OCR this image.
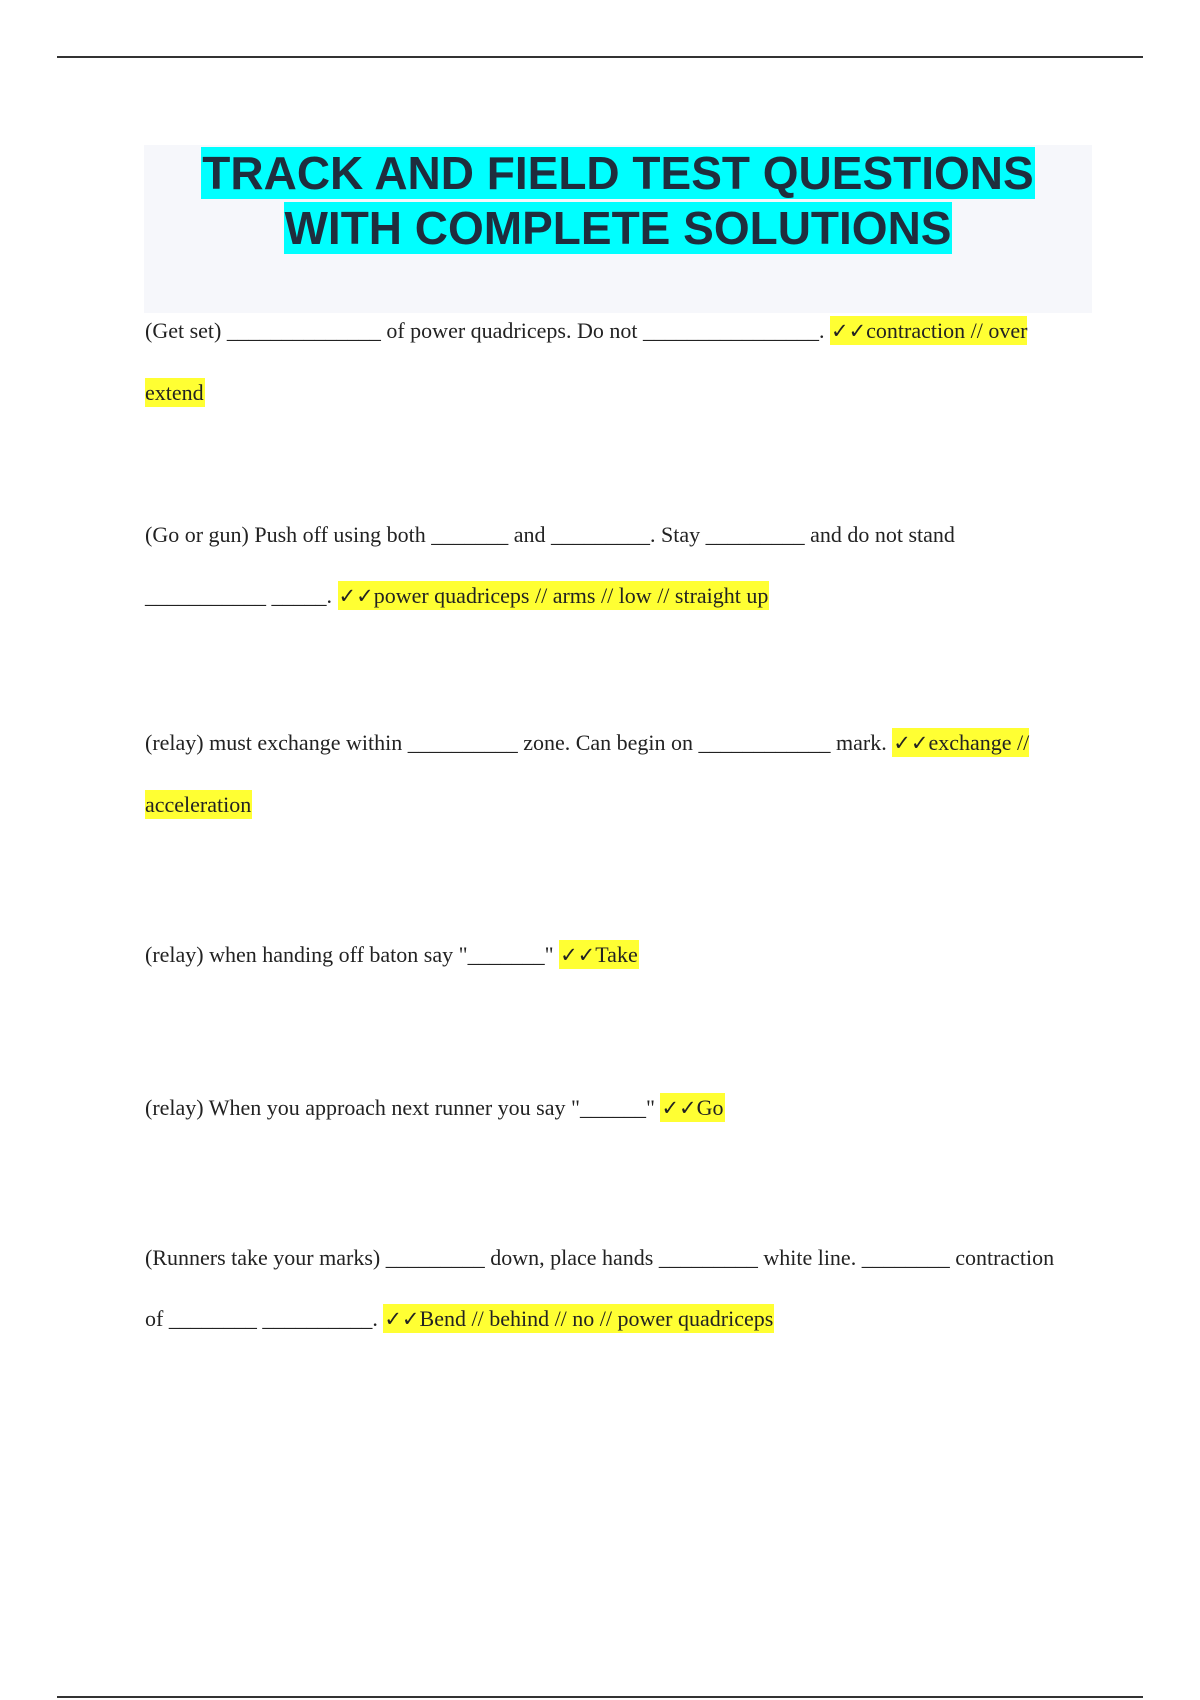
TRACK AND FIELD TEST QUESTIONS
WITH COMPLETE SOLUTIONS

(Get set) ______________ of power quadriceps. Do not ________________. ✓✓contraction // over extend

(Go or gun) Push off using both _______ and _________. Stay _________ and do not stand ___________ _____. ✓✓power quadriceps // arms // low // straight up

(relay) must exchange within __________ zone. Can begin on ____________ mark. ✓✓exchange // acceleration

(relay) when handing off baton say "_______" ✓✓Take

(relay) When you approach next runner you say "______" ✓✓Go

(Runners take your marks) _________ down, place hands _________ white line. ________ contraction of ________ __________. ✓✓Bend // behind // no // power quadriceps
